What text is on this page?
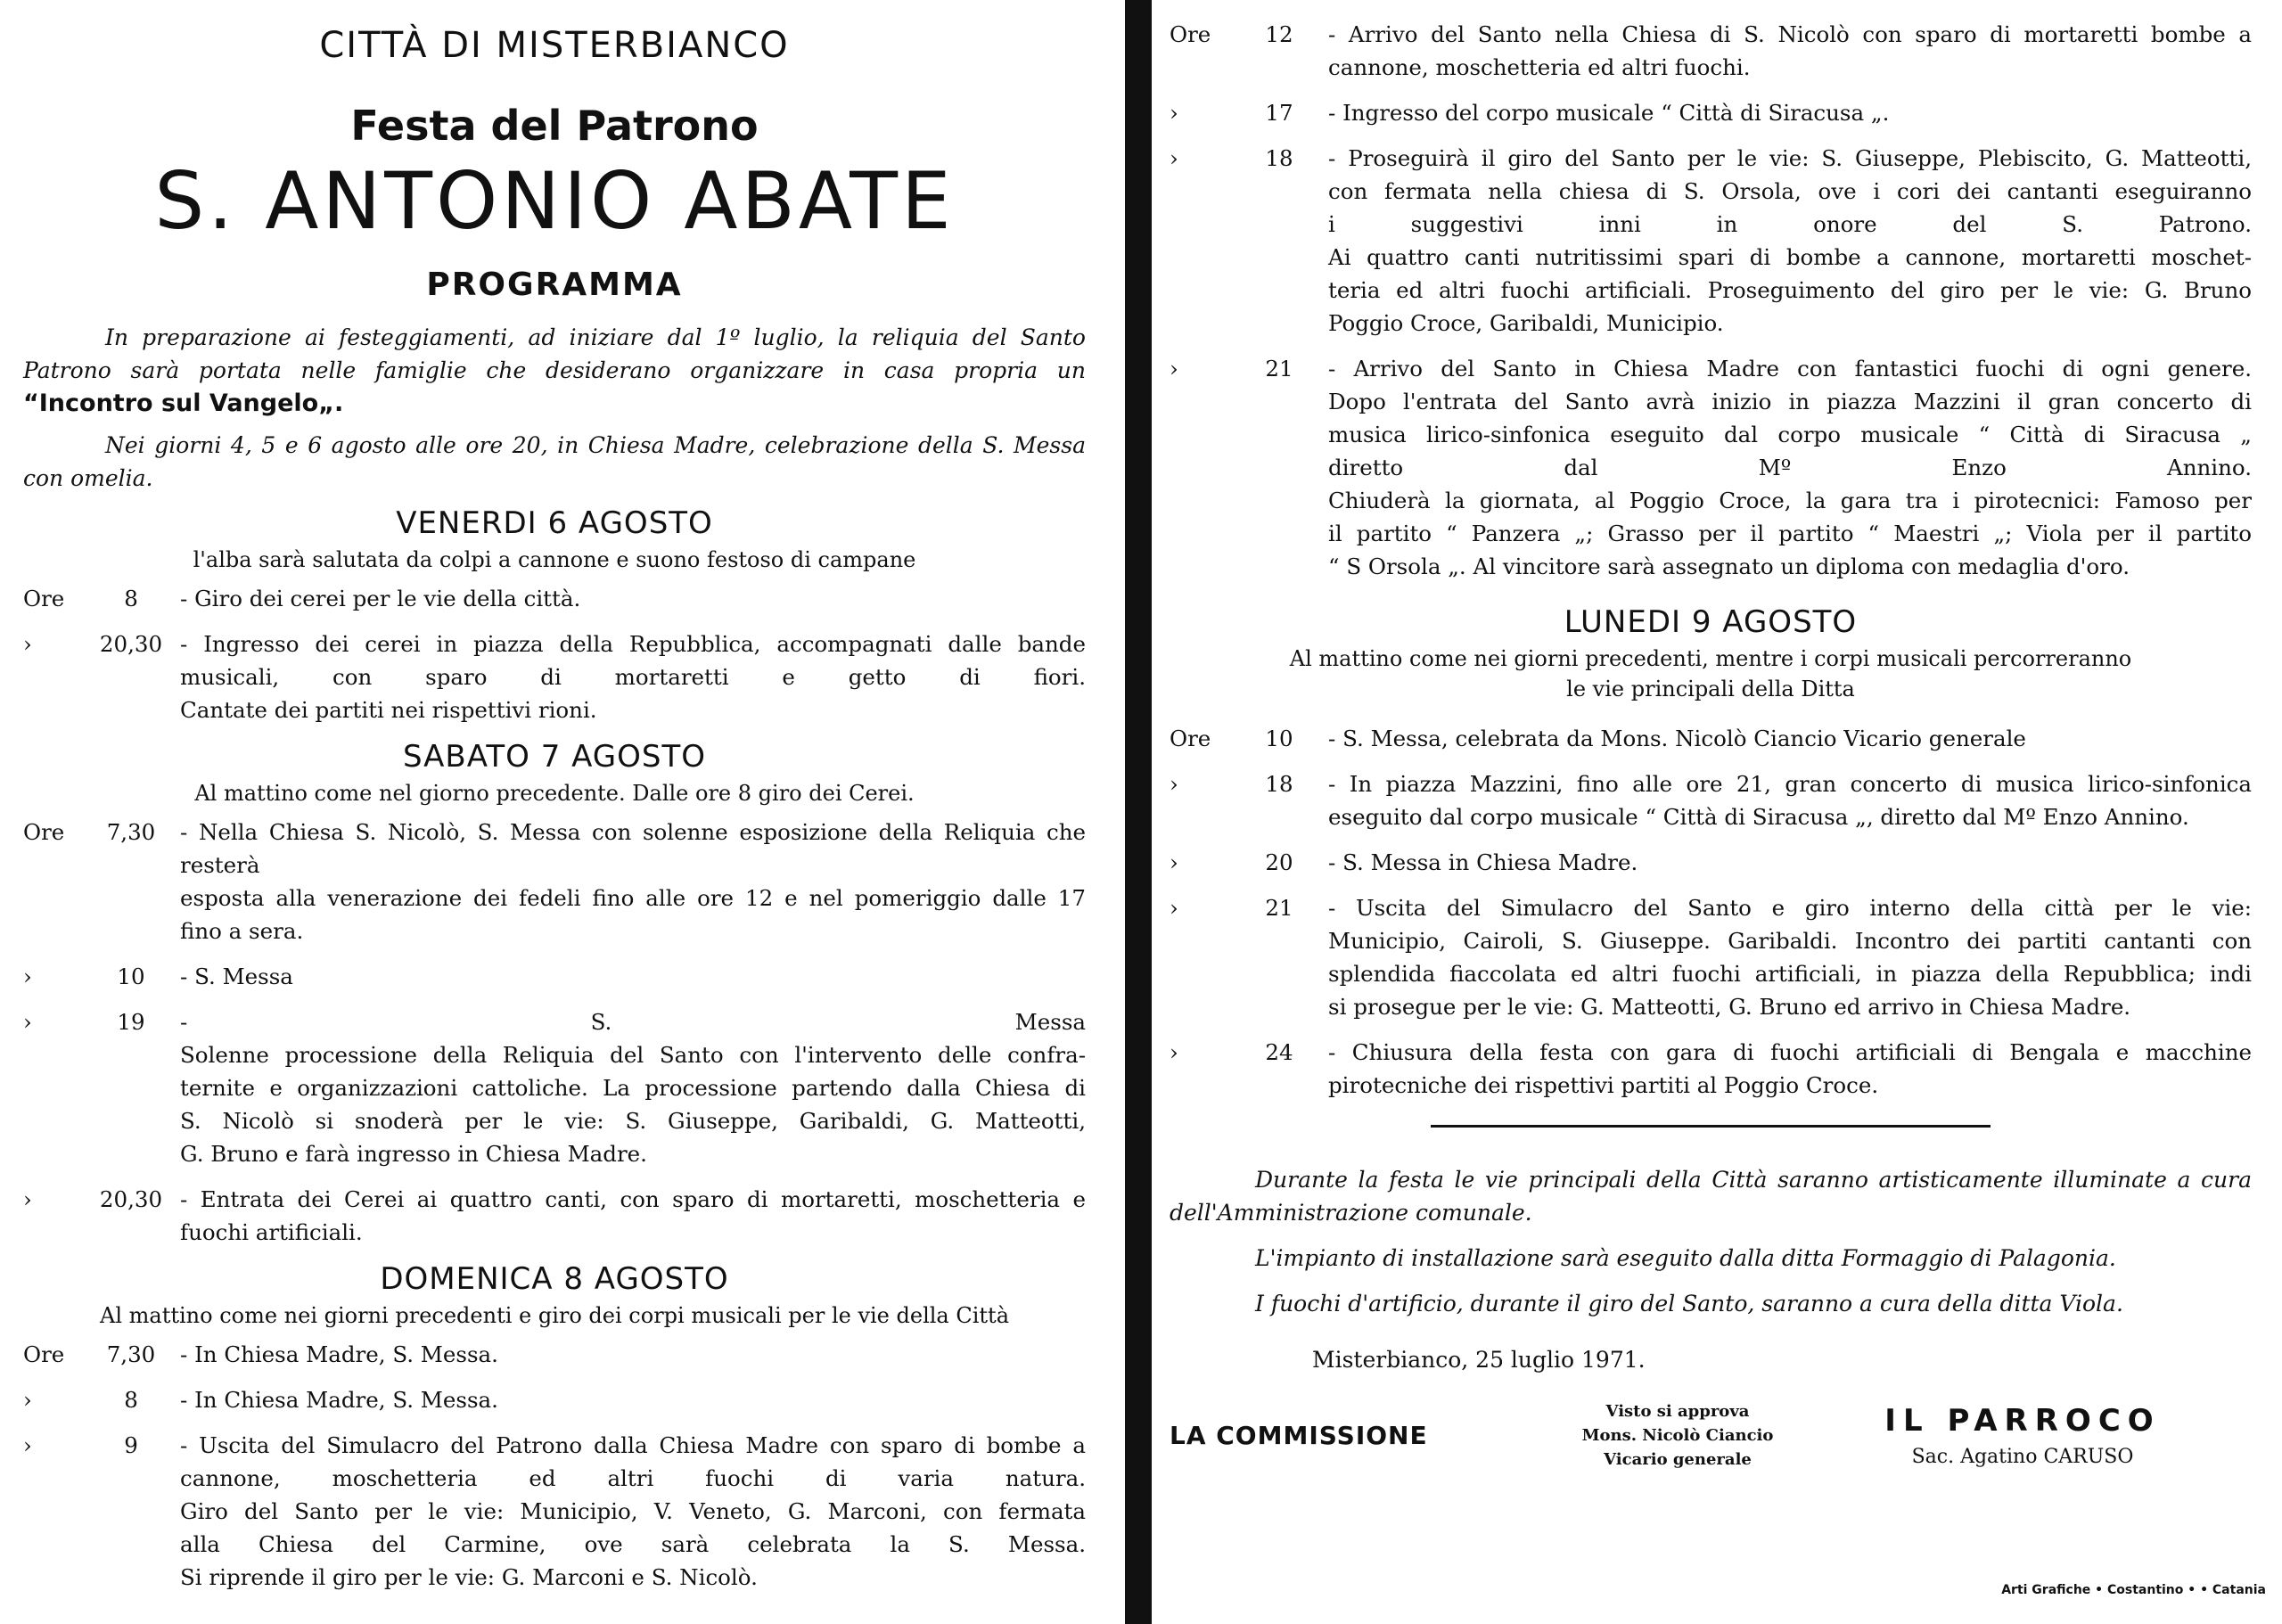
CITTÀ DI MISTERBIANCO
Festa del Patrono
S. ANTONIO ABATE
PROGRAMMA

In preparazione ai festeggiamenti, ad iniziare dal 1º luglio, la reliquia del Santo Patrono sarà portata nelle famiglie che desiderano organizzare in casa propria un “Incontro sul Vangelo„.

Nei giorni 4, 5 e 6 agosto alle ore 20, in Chiesa Madre, celebrazione della S. Messa con omelia.

VENERDI 6 AGOSTO
l'alba sarà salutata da colpi a cannone e suono festoso di campane
Ore	8	- Giro dei cerei per le vie della città.
›	20,30	- Ingresso dei cerei in piazza della Repubblica, accompagnati dalle bande
musicali, con sparo di mortaretti e getto di fiori.
Cantate dei partiti nei rispettivi rioni.
SABATO 7 AGOSTO
Al mattino come nel giorno precedente. Dalle ore 8 giro dei Cerei.
Ore	7,30	- Nella Chiesa S. Nicolò, S. Messa con solenne esposizione della Reliquia che resterà
esposta alla venerazione dei fedeli fino alle ore 12 e nel pomeriggio dalle 17
fino a sera.
›	10	- S. Messa
›	19	- S. Messa
Solenne processione della Reliquia del Santo con l'intervento delle confra-
ternite e organizzazioni cattoliche. La processione partendo dalla Chiesa di
S. Nicolò si snoderà per le vie: S. Giuseppe, Garibaldi, G. Matteotti,
G. Bruno e farà ingresso in Chiesa Madre.
›	20,30	- Entrata dei Cerei ai quattro canti, con sparo di mortaretti, moschetteria e
fuochi artificiali.
DOMENICA 8 AGOSTO
Al mattino come nei giorni precedenti e giro dei corpi musicali per le vie della Città
Ore	7,30	- In Chiesa Madre, S. Messa.
›	8	- In Chiesa Madre, S. Messa.
›	9	- Uscita del Simulacro del Patrono dalla Chiesa Madre con sparo di bombe a
cannone, moschetteria ed altri fuochi di varia natura.
Giro del Santo per le vie: Municipio, V. Veneto, G. Marconi, con fermata
alla Chiesa del Carmine, ove sarà celebrata la S. Messa.
Si riprende il giro per le vie: G. Marconi e S. Nicolò.
Ore	12	- Arrivo del Santo nella Chiesa di S. Nicolò con sparo di mortaretti bombe a
cannone, moschetteria ed altri fuochi.
›	17	- Ingresso del corpo musicale “ Città di Siracusa „.
›	18	- Proseguirà il giro del Santo per le vie: S. Giuseppe, Plebiscito, G. Matteotti,
con fermata nella chiesa di S. Orsola, ove i cori dei cantanti eseguiranno
i suggestivi inni in onore del S. Patrono.
Ai quattro canti nutritissimi spari di bombe a cannone, mortaretti moschet-
teria ed altri fuochi artificiali. Proseguimento del giro per le vie: G. Bruno
Poggio Croce, Garibaldi, Municipio.
›	21	- Arrivo del Santo in Chiesa Madre con fantastici fuochi di ogni genere.
Dopo l'entrata del Santo avrà inizio in piazza Mazzini il gran concerto di
musica lirico-sinfonica eseguito dal corpo musicale “ Città di Siracusa „
diretto dal Mº Enzo Annino.
Chiuderà la giornata, al Poggio Croce, la gara tra i pirotecnici: Famoso per
il partito “ Panzera „; Grasso per il partito “ Maestri „; Viola per il partito
“ S Orsola „. Al vincitore sarà assegnato un diploma con medaglia d'oro.
LUNEDI 9 AGOSTO
Al mattino come nei giorni precedenti, mentre i corpi musicali percorreranno
le vie principali della Ditta
Ore	10	- S. Messa, celebrata da Mons. Nicolò Ciancio Vicario generale
›	18	- In piazza Mazzini, fino alle ore 21, gran concerto di musica lirico-sinfonica
eseguito dal corpo musicale “ Città di Siracusa „, diretto dal Mº Enzo Annino.
›	20	- S. Messa in Chiesa Madre.
›	21	- Uscita del Simulacro del Santo e giro interno della città per le vie:
Municipio, Cairoli, S. Giuseppe. Garibaldi. Incontro dei partiti cantanti con
splendida fiaccolata ed altri fuochi artificiali, in piazza della Repubblica; indi
si prosegue per le vie: G. Matteotti, G. Bruno ed arrivo in Chiesa Madre.
›	24	- Chiusura della festa con gara di fuochi artificiali di Bengala e macchine
pirotecniche dei rispettivi partiti al Poggio Croce.

Durante la festa le vie principali della Città saranno artisticamente illuminate a cura dell'Amministrazione comunale.

L'impianto di installazione sarà eseguito dalla ditta Formaggio di Palagonia.

I fuochi d'artificio, durante il giro del Santo, saranno a cura della ditta Viola.

Misterbianco, 25 luglio 1971.
LA COMMISSIONE
Visto si approva
Mons. Nicolò Ciancio
Vicario generale
IL PARROCO
Sac. Agatino CARUSO
Arti Grafiche • Costantino • • Catania
